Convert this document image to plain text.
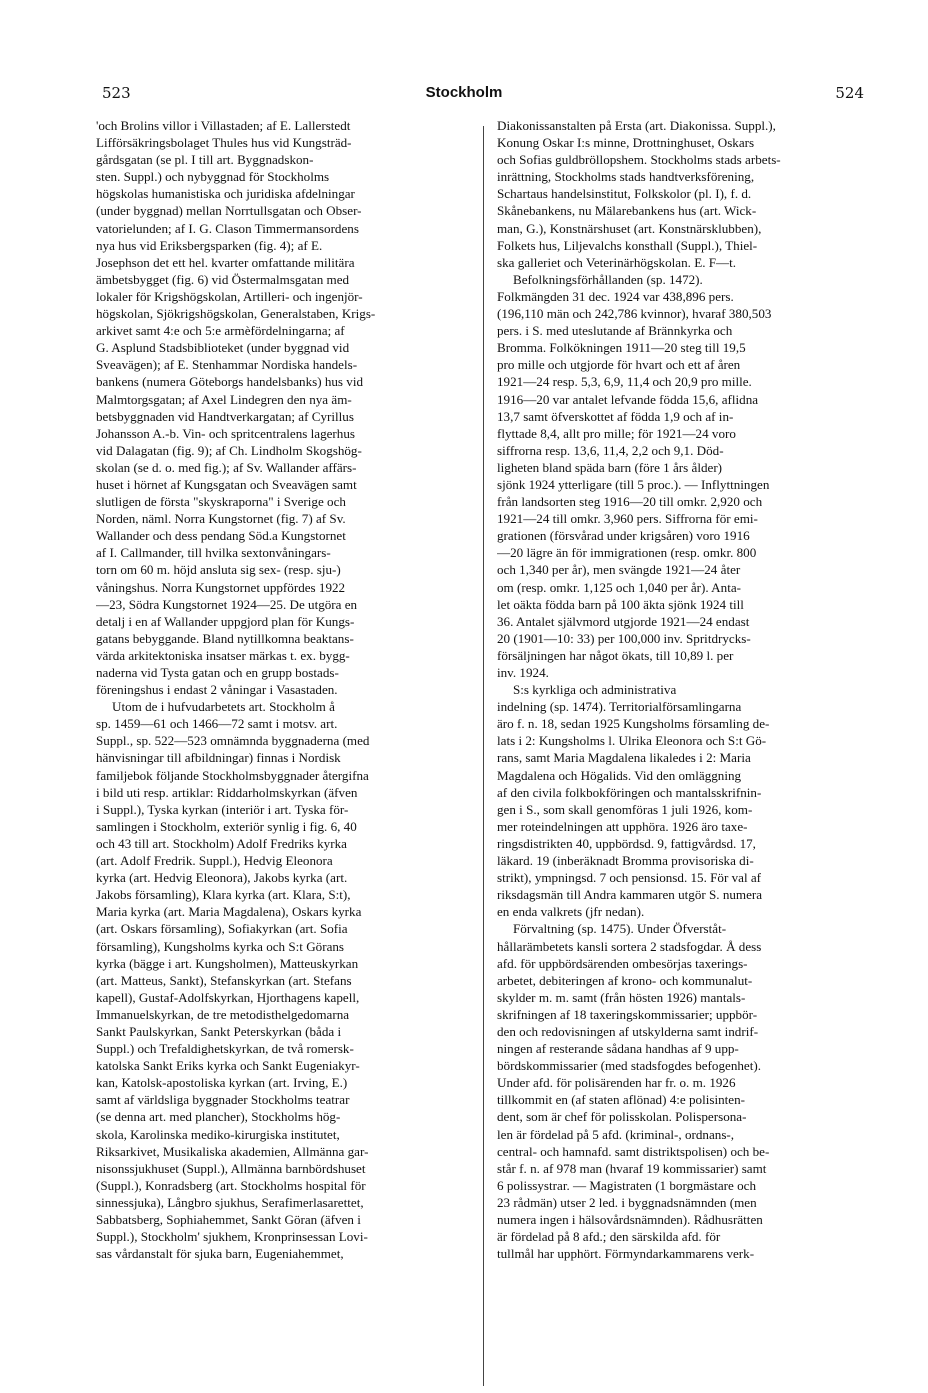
523	Stockholm	524
'och Brolins villor i Villastaden; af E. Lallerstedt
Lifförsäkringsbolaget Thules hus vid Kungsträd-
gårdsgatan (se pl. I till art. Byggnadskon-
sten. Suppl.) och nybyggnad för Stockholms
högskolas humanistiska och juridiska afdelningar
(under byggnad) mellan Norrtullsgatan och Obser-
vatorielunden; af I. G. Clason Timmermansordens
nya hus vid Eriksbergsparken (fig. 4); af E.
Josephson det ett hel. kvarter omfattande militära
ämbetsbygget (fig. 6) vid Östermalmsgatan med
lokaler för Krigshögskolan, Artilleri- och ingenjör-
högskolan, Sjökrigshögskolan, Generalstaben, Krigs-
arkivet samt 4:e och 5:e armèfördelningarna; af
G. Asplund Stadsbiblioteket (under byggnad vid
Sveavägen); af E. Stenhammar Nordiska handels-
bankens (numera Göteborgs handelsbanks) hus vid
Malmtorgsgatan; af Axel Lindegren den nya äm-
betsbyggnaden vid Handtverkargatan; af Cyrillus
Johansson A.-b. Vin- och spritcentralens lagerhus
vid Dalagatan (fig. 9); af Ch. Lindholm Skogshög-
skolan (se d. o. med fig.); af Sv. Wallander affärs-
huset i hörnet af Kungsgatan och Sveavägen samt
slutligen de första "skyskraporna" i Sverige och
Norden, näml. Norra Kungstornet (fig. 7) af Sv.
Wallander och dess pendang Söd.a Kungstornet
af I. Callmander, till hvilka sextonvåningars-
torn om 60 m. höjd ansluta sig sex- (resp. sju-)
våningshus. Norra Kungstornet uppfördes 1922
—23, Södra Kungstornet 1924—25. De utgöra en
detalj i en af Wallander uppgjord plan för Kungs-
gatans bebyggande. Bland nytillkomna beaktans-
värda arkitektoniska insatser märkas t. ex. bygg-
naderna vid Tysta gatan och en grupp bostads-
föreningshus i endast 2 våningar i Vasastaden.
Utom de i hufvudarbetets art. Stockholm å
sp. 1459—61 och 1466—72 samt i motsv. art.
Suppl., sp. 522—523 omnämnda byggnaderna (med
hänvisningar till afbildningar) finnas i Nordisk
familjebok följande Stockholmsbyggnader återgifna
i bild uti resp. artiklar: Riddarholmskyrkan (äfven
i Suppl.), Tyska kyrkan (interiör i art. Tyska för-
samlingen i Stockholm, exteriör synlig i fig. 6, 40
och 43 till art. Stockholm) Adolf Fredriks kyrka
(art. Adolf Fredrik. Suppl.), Hedvig Eleonora
kyrka (art. Hedvig Eleonora), Jakobs kyrka (art.
Jakobs församling), Klara kyrka (art. Klara, S:t),
Maria kyrka (art. Maria Magdalena), Oskars kyrka
(art. Oskars församling), Sofiakyrkan (art. Sofia
församling), Kungsholms kyrka och S:t Görans
kyrka (bägge i art. Kungsholmen), Matteuskyrkan
(art. Matteus, Sankt), Stefanskyrkan (art. Stefans
kapell), Gustaf-Adolfskyrkan, Hjorthagens kapell,
Immanuelskyrkan, de tre metodisthelgedomarna
Sankt Paulskyrkan, Sankt Peterskyrkan (båda i
Suppl.) och Trefaldighetskyrkan, de två romersk-
katolska Sankt Eriks kyrka och Sankt Eugeniakyr-
kan, Katolsk-apostoliska kyrkan (art. Irving, E.)
samt af världsliga byggnader Stockholms teatrar
(se denna art. med plancher), Stockholms hög-
skola, Karolinska mediko-kirurgiska institutet,
Riksarkivet, Musikaliska akademien, Allmänna gar-
nisonssjukhuset (Suppl.), Allmänna barnbördshuset
(Suppl.), Konradsberg (art. Stockholms hospital för
sinnessjuka), Långbro sjukhus, Serafimerlasarettet,
Sabbatsberg, Sophiahemmet, Sankt Göran (äfven i
Suppl.), Stockholm' sjukhem, Kronprinsessan Lovi-
sas vårdanstalt för sjuka barn, Eugeniahemmet,
Diakonissanstalten på Ersta (art. Diakonissa. Suppl.),
Konung Oskar I:s minne, Drottninghuset, Oskars
och Sofias guldbröllopshem. Stockholms stads arbets-
inrättning, Stockholms stads handtverksförening,
Schartaus handelsinstitut, Folkskolor (pl. I), f. d.
Skånebankens, nu Mälarebankens hus (art. Wick-
man, G.), Konstnärshuset (art. Konstnärsklubben),
Folkets hus, Liljevalchs konsthall (Suppl.), Thiel-
ska galleriet och Veterinärhögskolan. E. F—t.
Befolkningsförhållanden (sp. 1472).
Folkmängden 31 dec. 1924 var 438,896 pers.
(196,110 män och 242,786 kvinnor), hvaraf 380,503
pers. i S. med uteslutande af Brännkyrka och
Bromma. Folkökningen 1911—20 steg till 19,5
pro mille och utgjorde för hvart och ett af åren
1921—24 resp. 5,3, 6,9, 11,4 och 20,9 pro mille.
1916—20 var antalet lefvande födda 15,6, aflidna
13,7 samt öfverskottet af födda 1,9 och af in-
flyttade 8,4, allt pro mille; för 1921—24 voro
siffrorna resp. 13,6, 11,4, 2,2 och 9,1. Död-
ligheten bland späda barn (före 1 års ålder)
sjönk 1924 ytterligare (till 5 proc.). — Inflyttningen
från landsorten steg 1916—20 till omkr. 2,920 och
1921—24 till omkr. 3,960 pers. Siffrorna för emi-
grationen (försvårad under krigsåren) voro 1916
—20 lägre än för immigrationen (resp. omkr. 800
och 1,340 per år), men svängde 1921—24 åter
om (resp. omkr. 1,125 och 1,040 per år). Anta-
let oäkta födda barn på 100 äkta sjönk 1924 till
36. Antalet självmord utgjorde 1921—24 endast
20 (1901—10: 33) per 100,000 inv. Spritdrycks-
försäljningen har något ökats, till 10,89 l. per
inv. 1924.
S:s kyrkliga och administrativa
indelning (sp. 1474). Territorialförsamlingarna
äro f. n. 18, sedan 1925 Kungsholms församling de-
lats i 2: Kungsholms l. Ulrika Eleonora och S:t Gö-
rans, samt Maria Magdalena likaledes i 2: Maria
Magdalena och Högalids. Vid den omläggning
af den civila folkbokföringen och mantalsskrifnin-
gen i S., som skall genomföras 1 juli 1926, kom-
mer roteindelningen att upphöra. 1926 äro taxe-
ringsdistrikten 40, uppbördsd. 9, fattigvårdsd. 17,
läkard. 19 (inberäknadt Bromma provisoriska di-
strikt), ympningsd. 7 och pensionsd. 15. För val af
riksdagsmän till Andra kammaren utgör S. numera
en enda valkrets (jfr nedan).
Förvaltning (sp. 1475). Under Öfverståt-
hållarämbetets kansli sortera 2 stadsfogdar. Å dess
afd. för uppbördsärenden ombesörjas taxerings-
arbetet, debiteringen af krono- och kommunalut-
skylder m. m. samt (från hösten 1926) mantals-
skrifningen af 18 taxeringskommissarier; uppbör-
den och redovisningen af utskylderna samt indrif-
ningen af resterande sådana handhas af 9 upp-
bördskommissarier (med stadsfogdes befogenhet).
Under afd. för polisärenden har fr. o. m. 1926
tillkommit en (af staten aflönad) 4:e polisinten-
dent, som är chef för polisskolan. Polispersona-
len är fördelad på 5 afd. (kriminal-, ordnans-,
central- och hamnafd. samt distriktspolisen) och be-
står f. n. af 978 man (hvaraf 19 kommissarier) samt
6 polissystrar. — Magistraten (1 borgmästare och
23 rådmän) utser 2 led. i byggnadsnämnden (men
numera ingen i hälsovårdsnämnden). Rådhusrätten
är fördelad på 8 afd.; den särskilda afd. för
tullmål har upphört. Förmyndarkammarens verk-
